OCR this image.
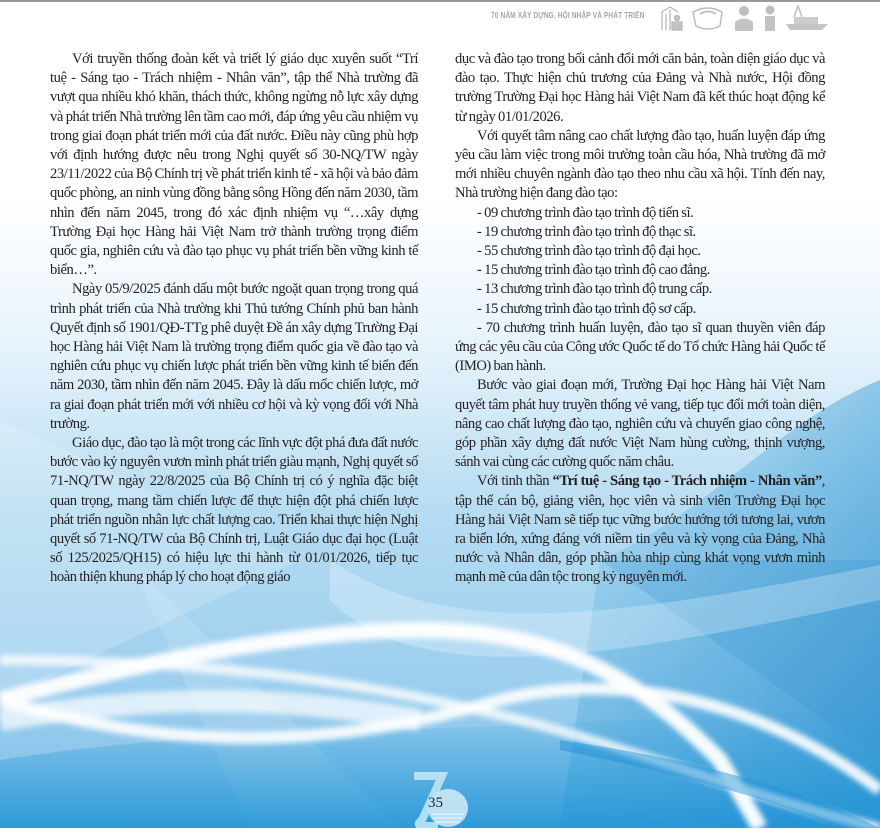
70 NĂM XÂY DỰNG, HỘI NHẬP VÀ PHÁT TRIỂN

Với truyền thống đoàn kết và triết lý giáo dục xuyên suốt “Trí tuệ - Sáng tạo - Trách nhiệm - Nhân văn”, tập thể Nhà trường đã vượt qua nhiều khó khăn, thách thức, không ngừng nỗ lực xây dựng và phát triển Nhà trường lên tầm cao mới, đáp ứng yêu cầu nhiệm vụ trong giai đoạn phát triển mới của đất nước. Điều này cũng phù hợp với định hướng được nêu trong Nghị quyết số 30-NQ/TW ngày 23/11/2022 của Bộ Chính trị về phát triển kinh tế - xã hội và bảo đảm quốc phòng, an ninh vùng đồng bằng sông Hồng đến năm 2030, tầm nhìn đến năm 2045, trong đó xác định nhiệm vụ “…xây dựng Trường Đại học Hàng hải Việt Nam trở thành trường trọng điểm quốc gia, nghiên cứu và đào tạo phục vụ phát triển bền vững kinh tế biển…”.

Ngày 05/9/2025 đánh dấu một bước ngoặt quan trọng trong quá trình phát triển của Nhà trường khi Thủ tướng Chính phủ ban hành Quyết định số 1901/QĐ-TTg phê duyệt Đề án xây dựng Trường Đại học Hàng hải Việt Nam là trường trọng điểm quốc gia về đào tạo và nghiên cứu phục vụ chiến lược phát triển bền vững kinh tế biển đến năm 2030, tầm nhìn đến năm 2045. Đây là dấu mốc chiến lược, mở ra giai đoạn phát triển mới với nhiều cơ hội và kỳ vọng đối với Nhà trường.

Giáo dục, đào tạo là một trong các lĩnh vực đột phá đưa đất nước bước vào kỷ nguyên vươn mình phát triển giàu mạnh, Nghị quyết số 71-NQ/TW ngày 22/8/2025 của Bộ Chính trị có ý nghĩa đặc biệt quan trọng, mang tầm chiến lược để thực hiện đột phá chiến lược phát triển nguồn nhân lực chất lượng cao. Triển khai thực hiện Nghị quyết số 71-NQ/TW của Bộ Chính trị, Luật Giáo dục đại học (Luật số 125/2025/QH15) có hiệu lực thi hành từ 01/01/2026, tiếp tục hoàn thiện khung pháp lý cho hoạt động giáo

dục và đào tạo trong bối cảnh đổi mới căn bản, toàn diện giáo dục và đào tạo. Thực hiện chủ trương của Đảng và Nhà nước, Hội đồng trường Trường Đại học Hàng hải Việt Nam đã kết thúc hoạt động kể từ ngày 01/01/2026.

Với quyết tâm nâng cao chất lượng đào tạo, huấn luyện đáp ứng yêu cầu làm việc trong môi trường toàn cầu hóa, Nhà trường đã mở mới nhiều chuyên ngành đào tạo theo nhu cầu xã hội. Tính đến nay, Nhà trường hiện đang đào tạo:

- 09 chương trình đào tạo trình độ tiến sĩ.

- 19 chương trình đào tạo trình độ thạc sĩ.

- 55 chương trình đào tạo trình độ đại học.

- 15 chương trình đào tạo trình độ cao đẳng.

- 13 chương trình đào tạo trình độ trung cấp.

- 15 chương trình đào tạo trình độ sơ cấp.

- 70 chương trình huấn luyện, đào tạo sĩ quan thuyền viên đáp ứng các yêu cầu của Công ước Quốc tế do Tổ chức Hàng hải Quốc tế (IMO) ban hành.

Bước vào giai đoạn mới, Trường Đại học Hàng hải Việt Nam quyết tâm phát huy truyền thống vẻ vang, tiếp tục đổi mới toàn diện, nâng cao chất lượng đào tạo, nghiên cứu và chuyển giao công nghệ, góp phần xây dựng đất nước Việt Nam hùng cường, thịnh vượng, sánh vai cùng các cường quốc năm châu.

Với tinh thần “Trí tuệ - Sáng tạo - Trách nhiệm - Nhân văn”, tập thể cán bộ, giảng viên, học viên và sinh viên Trường Đại học Hàng hải Việt Nam sẽ tiếp tục vững bước hướng tới tương lai, vươn ra biển lớn, xứng đáng với niềm tin yêu và kỳ vọng của Đảng, Nhà nước và Nhân dân, góp phần hòa nhịp cùng khát vọng vươn mình mạnh mẽ của dân tộc trong kỷ nguyên mới.

35
